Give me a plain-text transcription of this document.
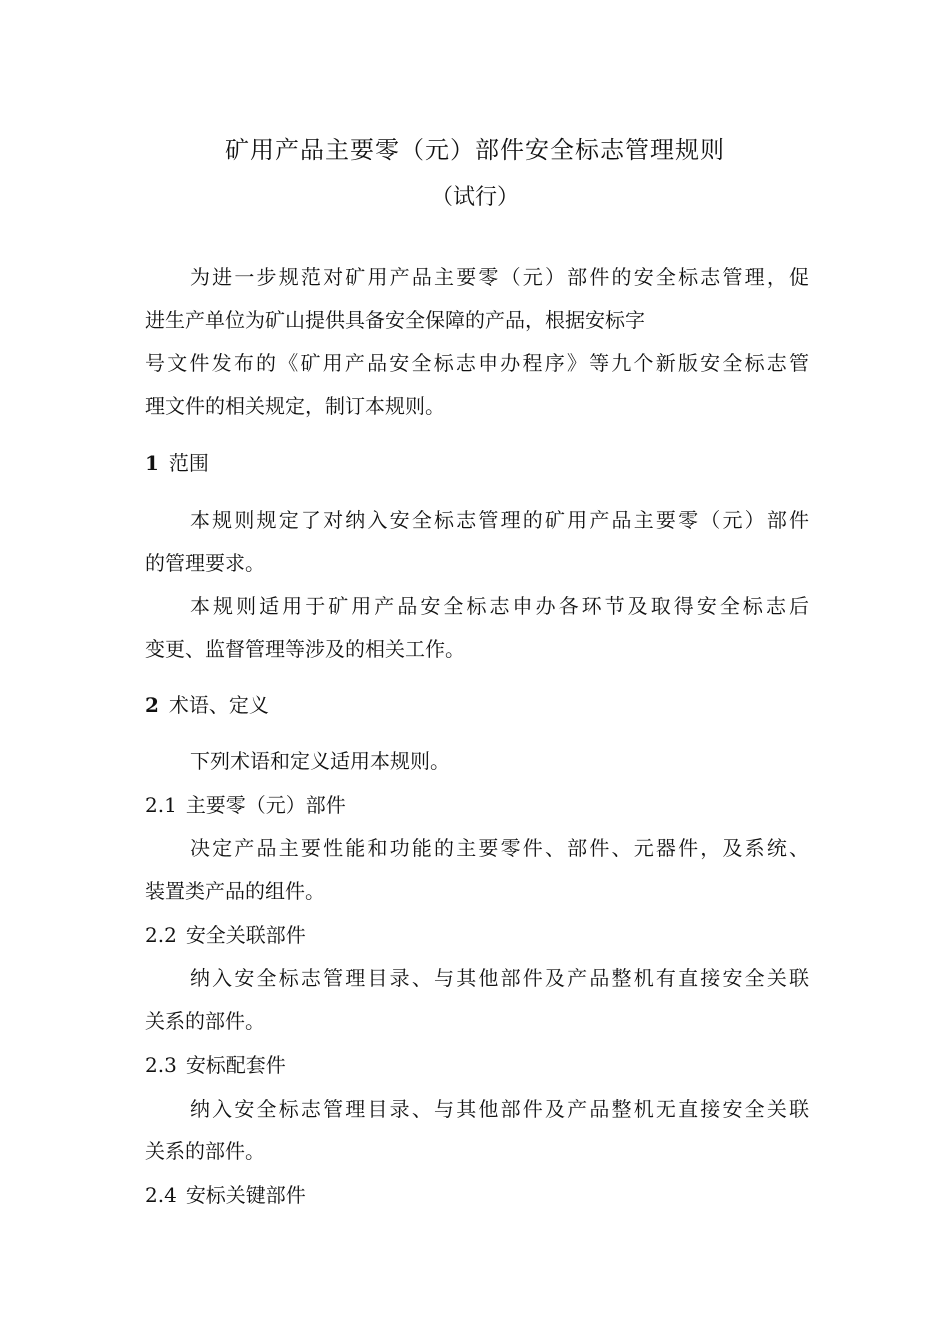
矿用产品主要零（元）部件安全标志管理规则
（试行）
为进一步规范对矿用产品主要零（元）部件的安全标志管理，促
进生产单位为矿山提供具备安全保障的产品，根据安标字
号文件发布的《矿用产品安全标志申办程序》等九个新版安全标志管
理文件的相关规定，制订本规则。
1 范围
本规则规定了对纳入安全标志管理的矿用产品主要零（元）部件
的管理要求。
本规则适用于矿用产品安全标志申办各环节及取得安全标志后
变更、监督管理等涉及的相关工作。
2 术语、定义
下列术语和定义适用本规则。
2.1 主要零（元）部件
决定产品主要性能和功能的主要零件、部件、元器件，及系统、
装置类产品的组件。
2.2 安全关联部件
纳入安全标志管理目录、与其他部件及产品整机有直接安全关联
关系的部件。
2.3 安标配套件
纳入安全标志管理目录、与其他部件及产品整机无直接安全关联
关系的部件。
2.4 安标关键部件
